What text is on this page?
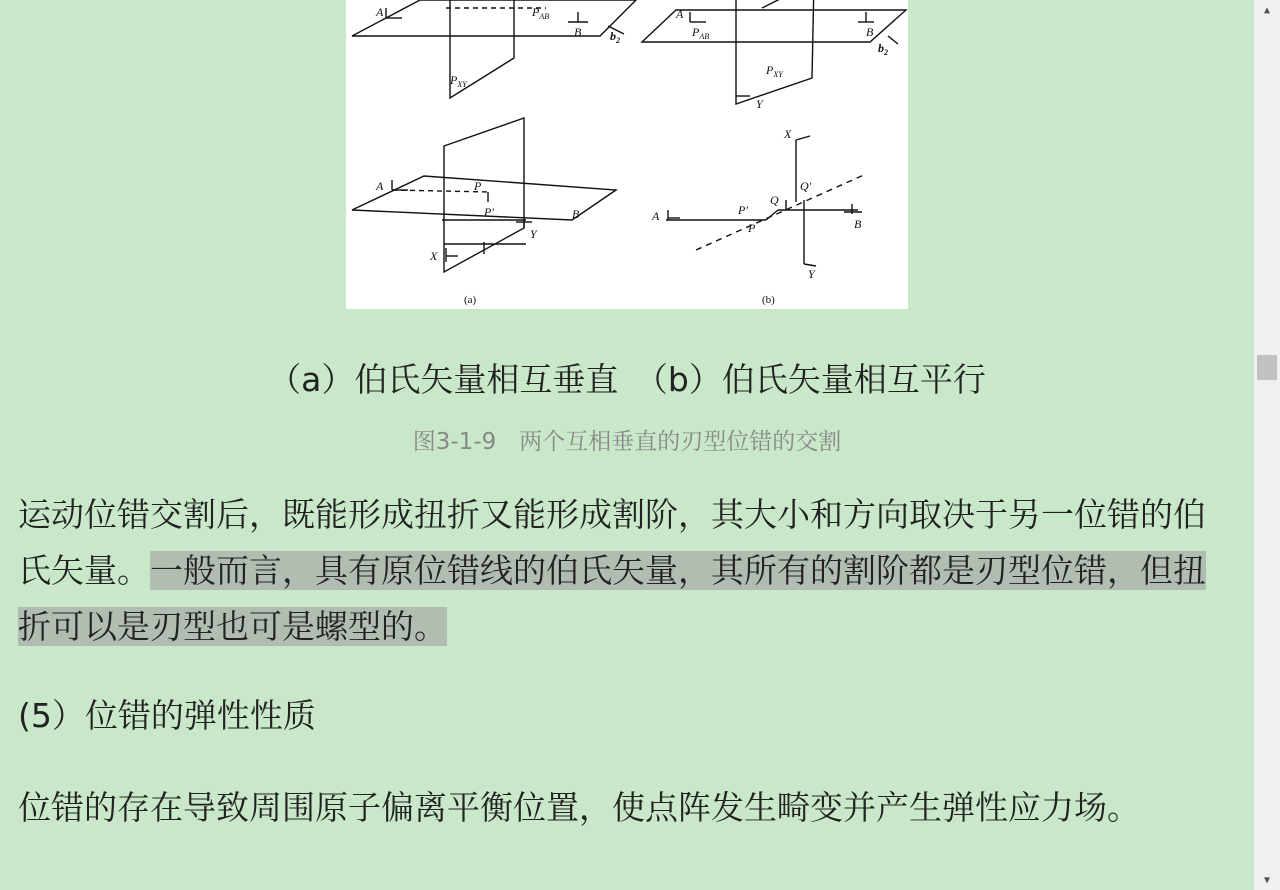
A	$P_{AB}$
B $b_2$
$P_{XY}$
A
$P_{AB}$	B
$b_2$
$P_{XY}$
Y
A	P
P′	B
X
Y
A	P′
P
Q
Q′
B
X
Y
(a)	(b)
（a）伯氏矢量相互垂直　（b）伯氏矢量相互平行
图3-1-9　两个互相垂直的刃型位错的交割
运动位错交割后，既能形成扭折又能形成割阶，其大小和方向取决于另一位错的伯氏矢量。一般而言，具有原位错线的伯氏矢量，其所有的割阶都是刃型位错，但扭折可以是刃型也可是螺型的。
(5）位错的弹性性质
位错的存在导致周围原子偏离平衡位置，使点阵发生畸变并产生弹性应力场。
▲
▼
